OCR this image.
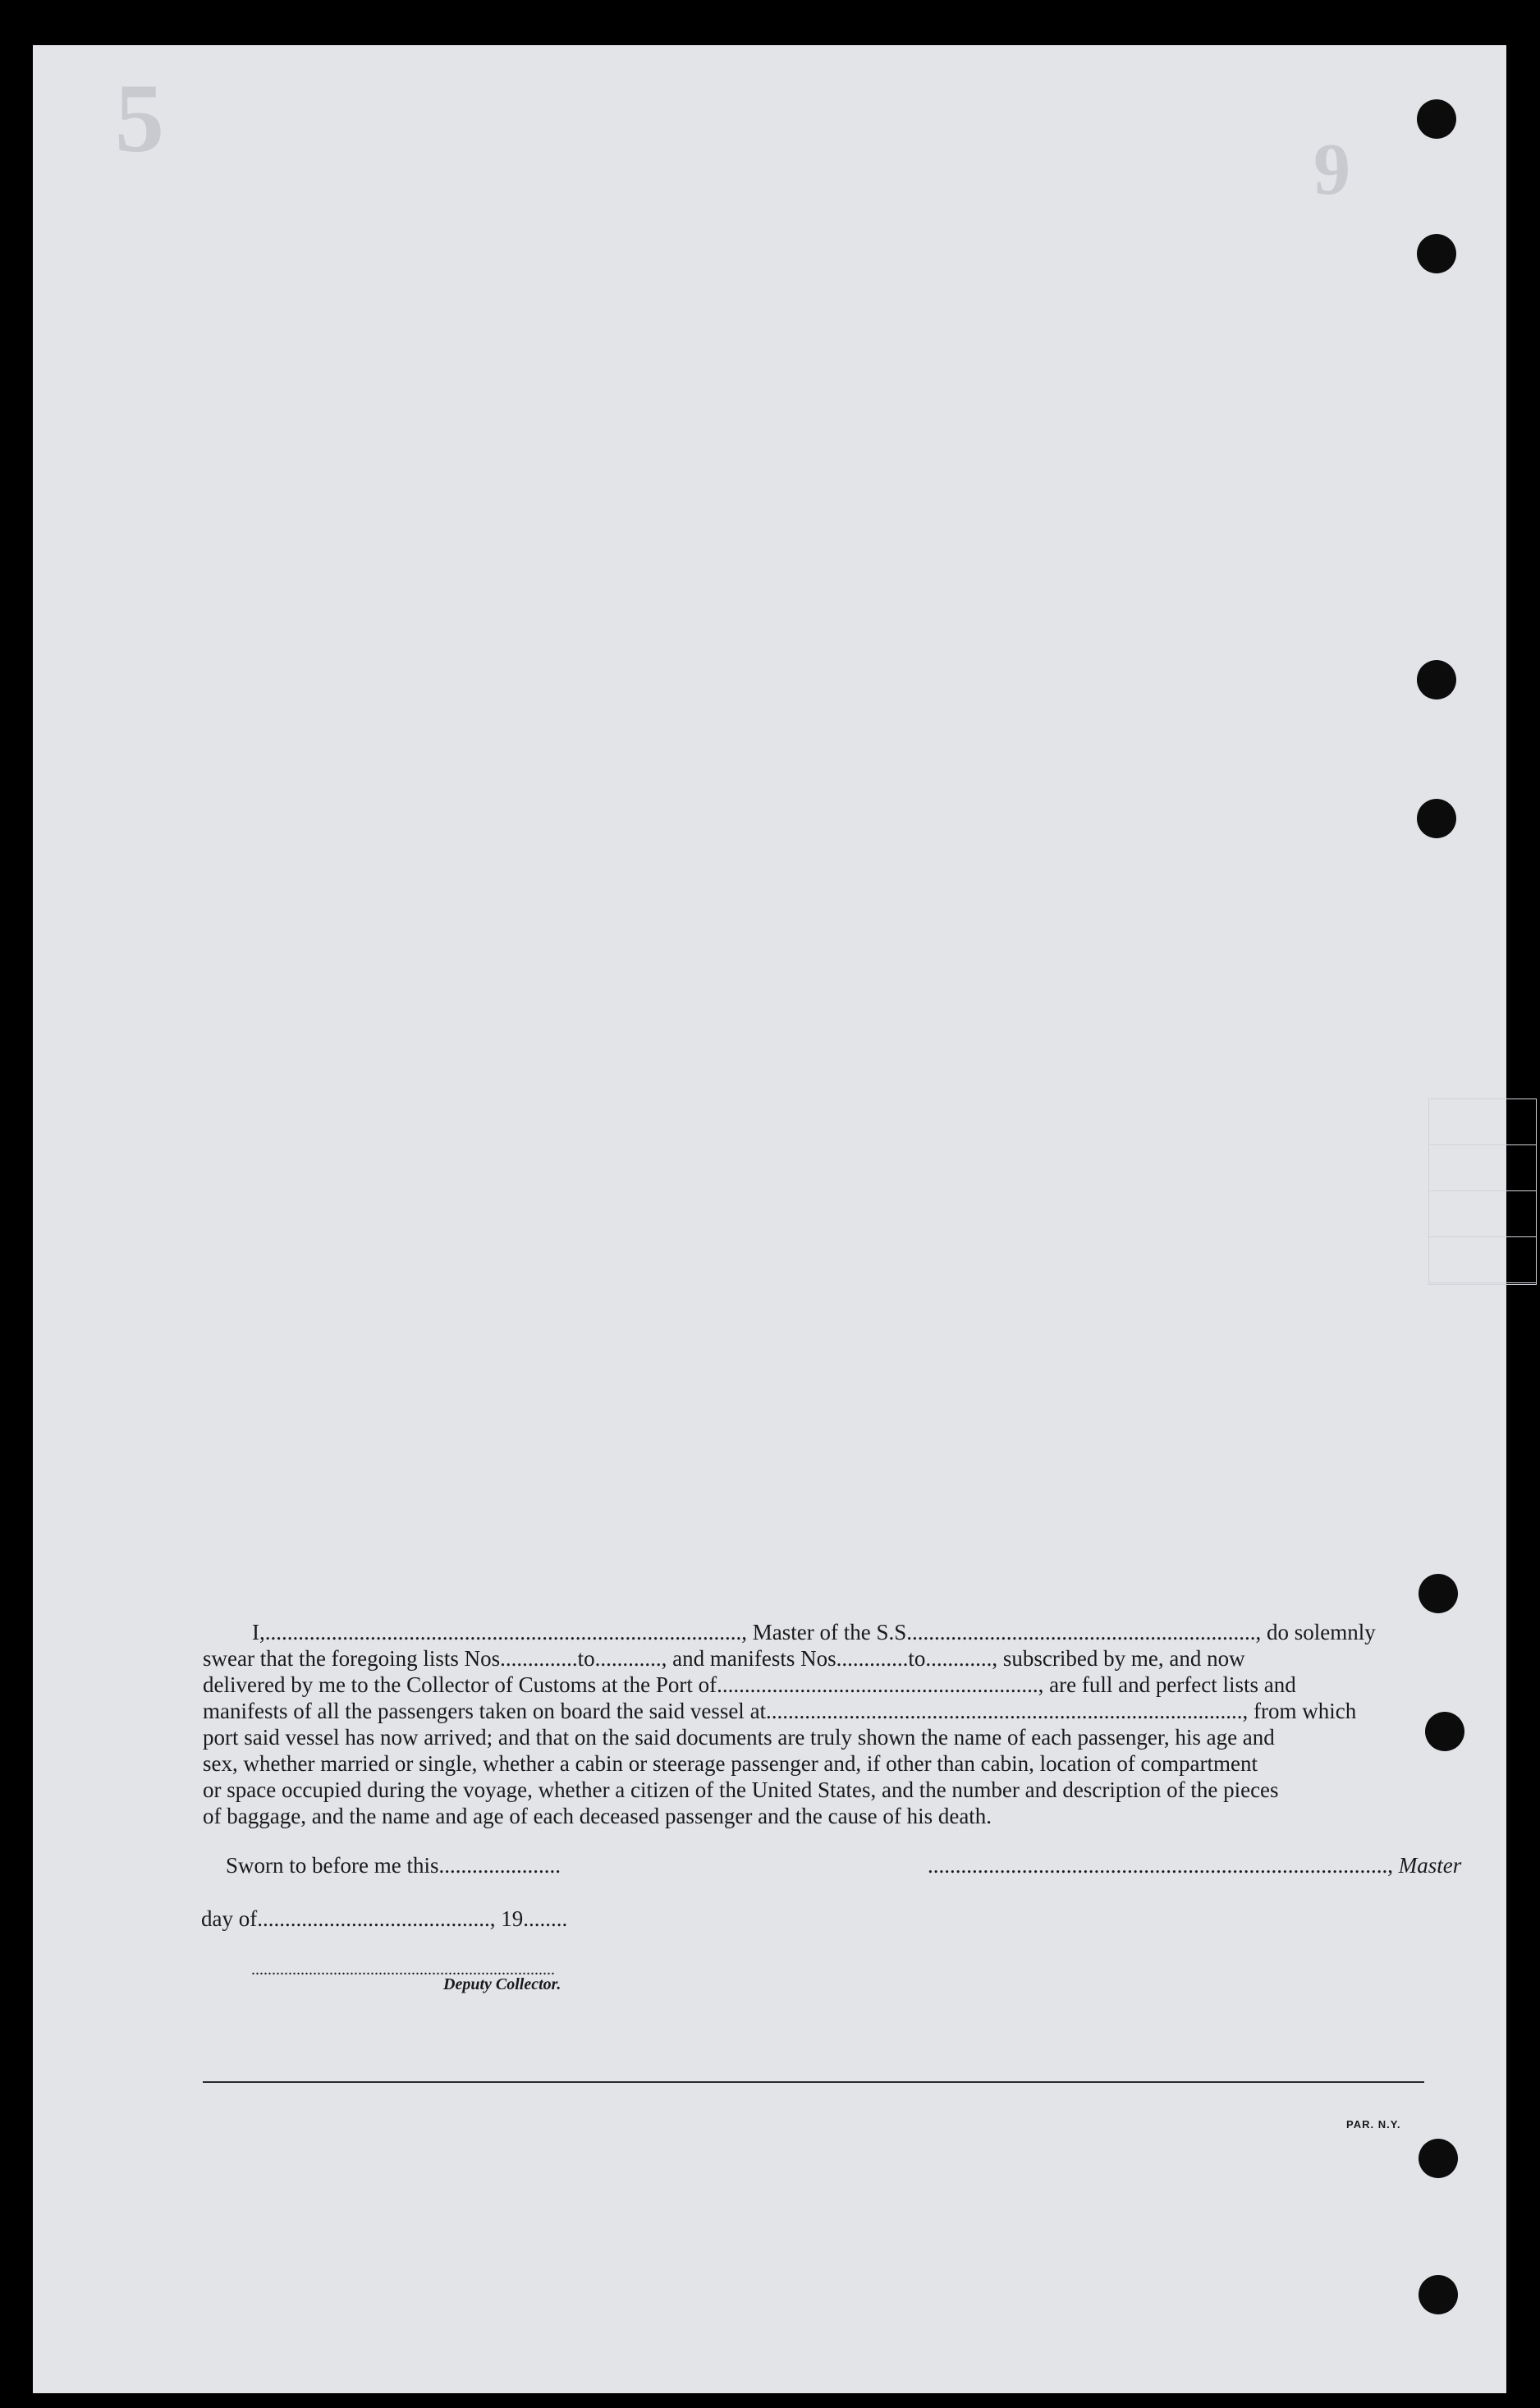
5	9
I,......................................................................................, Master of the S.S..............................................................., do solemnly
swear that the foregoing lists Nos..............to............, and manifests Nos.............to............, subscribed by me, and now
delivered by me to the Collector of Customs at the Port of.........................................................., are full and perfect lists and
manifests of all the passengers taken on board the said vessel at......................................................................................, from which
port said vessel has now arrived; and that on the said documents are truly shown the name of each passenger, his age and
sex, whether married or single, whether a cabin or steerage passenger and, if other than cabin, location of compartment
or space occupied during the voyage, whether a citizen of the United States, and the number and description of the pieces
of baggage, and the name and age of each deceased passenger and the cause of his death.
Sworn to before me this......................	..................................................................................., Master
day of.........................................., 19........
..........................................................................
Deputy Collector.
PAR. N.Y.
